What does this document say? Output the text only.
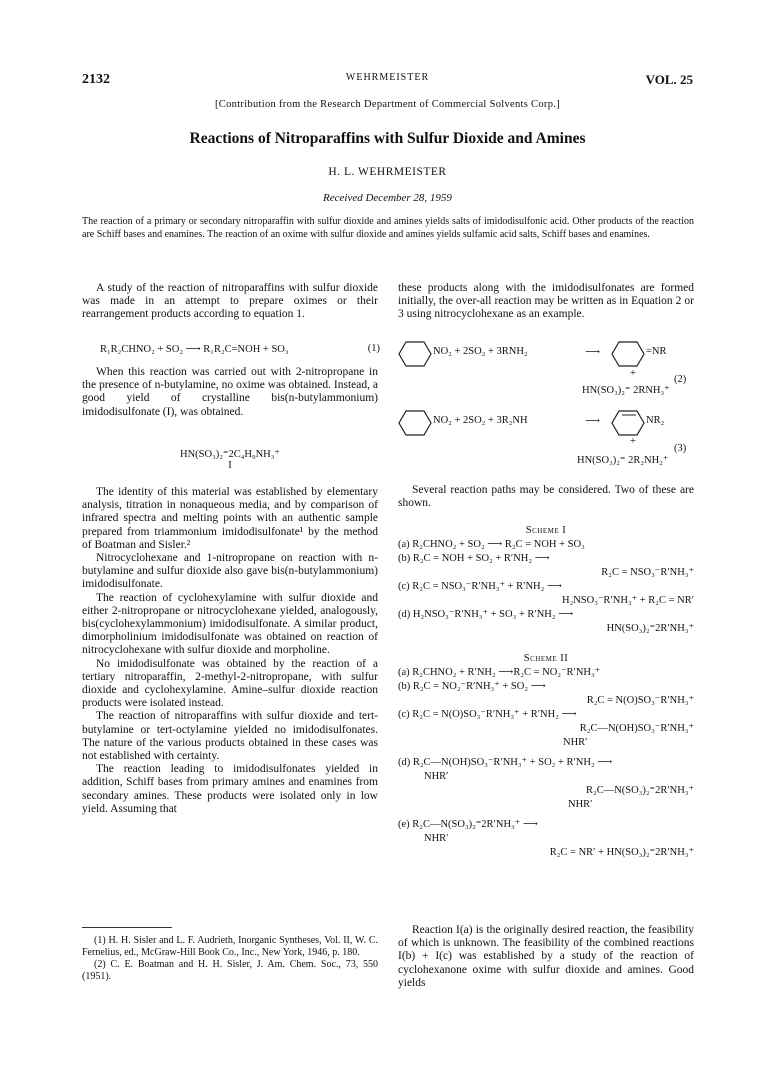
2132	WEHRMEISTER	VOL. 25
[Contribution from the Research Department of Commercial Solvents Corp.]
Reactions of Nitroparaffins with Sulfur Dioxide and Amines
H. L. WEHRMEISTER
Received December 28, 1959
The reaction of a primary or secondary nitroparaffin with sulfur dioxide and amines yields salts of imidodisulfonic acid. Other products of the reaction are Schiff bases and enamines. The reaction of an oxime with sulfur dioxide and amines yields sulfamic acid salts, Schiff bases and enamines.

A study of the reaction of nitroparaffins with sulfur dioxide was made in an attempt to prepare oximes or their rearrangement products according to equation 1.

R₁R₂CHNO₂ + SO₂ ⟶ R₁R₂C=NOH + SO₃	(1)

When this reaction was carried out with 2-nitropropane in the presence of n-butylamine, no oxime was obtained. Instead, a good yield of crystalline bis(n-butylammonium) imidodisulfonate (I), was obtained.

HN(SO₃)₂⁼2C₄H₉NH₃⁺
I

The identity of this material was established by elementary analysis, titration in nonaqueous media, and by comparison of infrared spectra and melting points with an authentic sample prepared from triammonium imidodisulfonate¹ by the method of Boatman and Sisler.²

Nitrocyclohexane and 1-nitropropane on reaction with n-butylamine and sulfur dioxide also gave bis(n-butylammonium) imidodisulfonate.

The reaction of cyclohexylamine with sulfur dioxide and either 2-nitropropane or nitrocyclohexane yielded, analogously, bis(cyclohexylammonium) imidodisulfonate. A similar product, dimorpholinium imidodisulfonate was obtained on reaction of nitrocyclohexane with sulfur dioxide and morpholine.

No imidodisulfonate was obtained by the reaction of a tertiary nitroparaffin, 2-methyl-2-nitropropane, with sulfur dioxide and cyclohexylamine. Amine–sulfur dioxide reaction products were isolated instead.

The reaction of nitroparaffins with sulfur dioxide and tert-butylamine or tert-octylamine yielded no imidodisulfonates. The nature of the various products obtained in these cases was not established with certainty.

The reaction leading to imidodisulfonates yielded in addition, Schiff bases from primary amines and enamines from secondary amines. These products were isolated only in low yield. Assuming that

(1) H. H. Sisler and L. F. Audrieth, Inorganic Syntheses, Vol. II, W. C. Fernelius, ed., McGraw-Hill Book Co., Inc., New York, 1946, p. 180.
(2) C. E. Boatman and H. H. Sisler, J. Am. Chem. Soc., 73, 550 (1951).

these products along with the imidodisulfonates are formed initially, the over-all reaction may be written as in Equation 2 or 3 using nitrocyclohexane as an example.

NO₂ + 2SO₂ + 3RNH₂	⟶	=NR
+
(2)
HN(SO₃)₂⁼ 2RNH₃⁺
NO₂ + 2SO₂ + 3R₂NH	⟶	NR₂
+
(3)
HN(SO₃)₂⁼ 2R₂NH₂⁺

Several reaction paths may be considered. Two of these are shown.

Scheme I
(a) R₂CHNO₂ + SO₂ ⟶ R₂C = NOH + SO₃
(b) R₂C = NOH + SO₂ + R′NH₂ ⟶
R₂C = NSO₃⁻R′NH₃⁺
(c) R₂C = NSO₃⁻R′NH₃⁺ + R′NH₂ ⟶
H₂NSO₃⁻R′NH₃⁺ + R₂C = NR′
(d) H₂NSO₃⁻R′NH₃⁺ + SO₃ + R′NH₂ ⟶
HN(SO₃)₂⁼2R′NH₃⁺
Scheme II
(a) R₂CHNO₂ + R′NH₂ ⟶R₂C = NO₂⁻R′NH₃⁺
(b) R₂C = NO₂⁻R′NH₃⁺ + SO₂ ⟶
R₂C = N(O)SO₃⁻R′NH₃⁺
(c) R₂C = N(O)SO₃⁻R′NH₃⁺ + R′NH₂ ⟶
R₂C—N(OH)SO₃⁻R′NH₃⁺
NHR′
(d) R₂C—N(OH)SO₃⁻R′NH₃⁺ + SO₂ + R′NH₂ ⟶
NHR′
R₂C—N(SO₃)₂⁼2R′NH₃⁺
NHR′
(e) R₂C—N(SO₃)₂⁼2R′NH₃⁺ ⟶
NHR′
R₂C = NR′ + HN(SO₃)₂⁼2R′NH₃⁺

Reaction I(a) is the originally desired reaction, the feasibility of which is unknown. The feasibility of the combined reactions I(b) + I(c) was established by a study of the reaction of cyclohexanone oxime with sulfur dioxide and amines. Good yields
